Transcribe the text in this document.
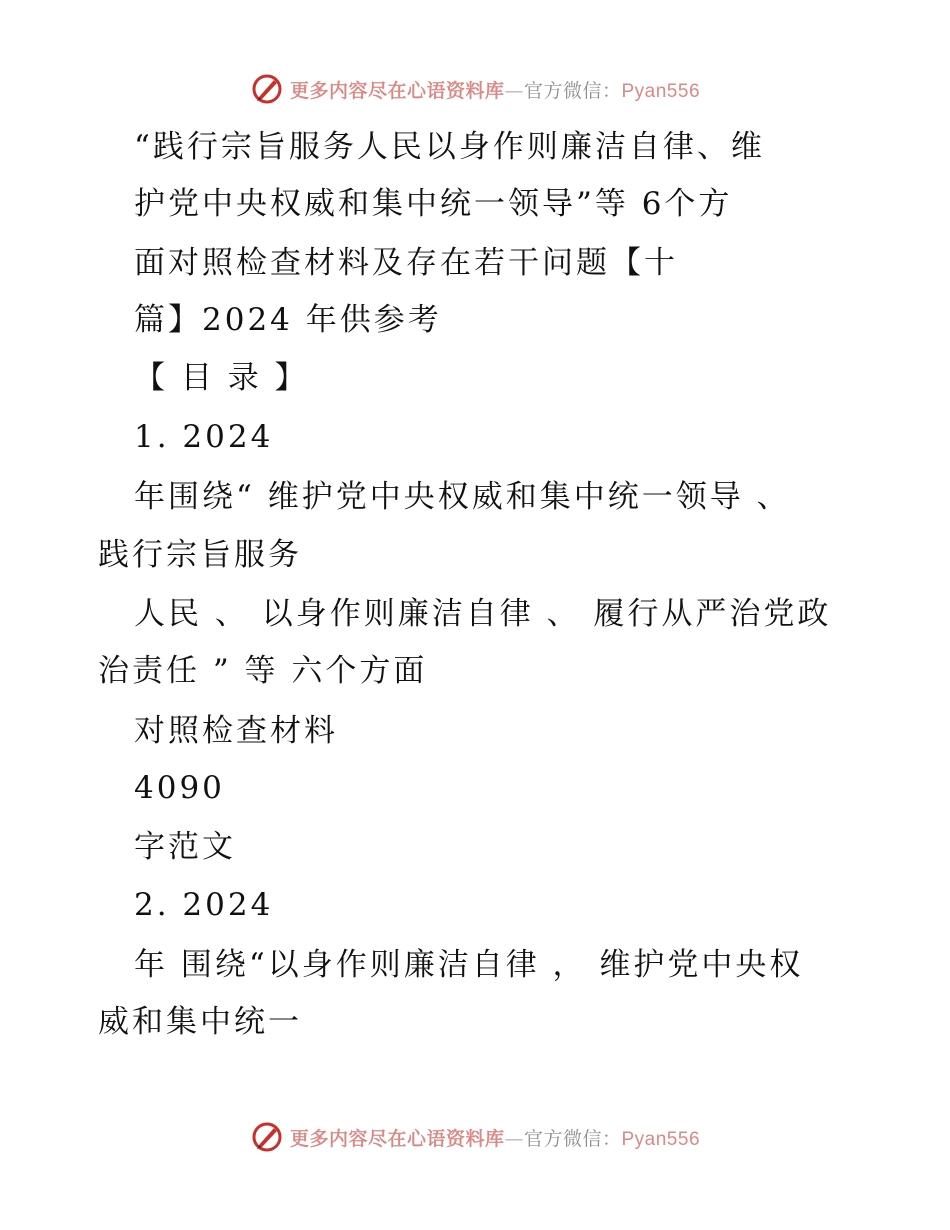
更多内容尽在心语资料库—官方微信：Pyan556
“践行宗旨服务人民以身作则廉洁自律、维
护党中央权威和集中统一领导”等 6个方
面对照检查材料及存在若干问题【十
篇】2024 年供参考
【 目 录 】
1. 2024
年围绕“ 维护党中央权威和集中统一领导 、
践行宗旨服务
人民 、 以身作则廉洁自律 、 履行从严治党政
治责任 ” 等 六个方面
对照检查材料
4090
字范文
2. 2024
年 围绕“以身作则廉洁自律 ， 维护党中央权
威和集中统一
更多内容尽在心语资料库—官方微信：Pyan556
